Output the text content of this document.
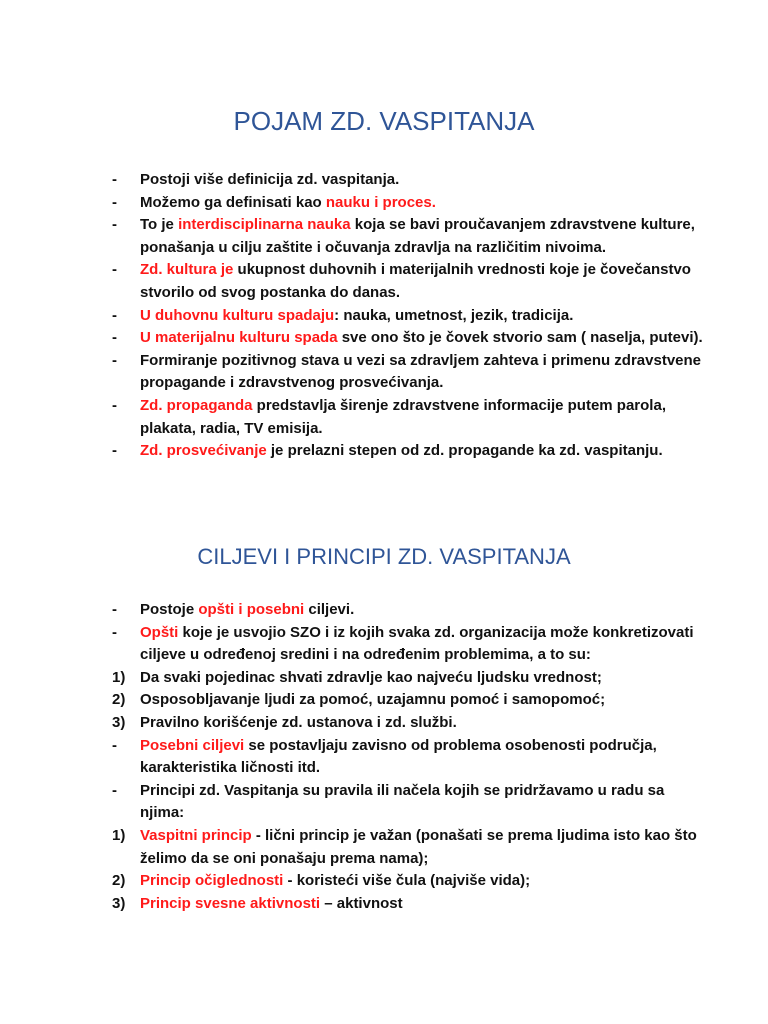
POJAM ZD. VASPITANJA
-	Postoji više definicija zd. vaspitanja.
-	Možemo ga definisati kao nauku i proces.
-	To je interdisciplinarna nauka koja se bavi proučavanjem zdravstvene kulture, ponašanja u cilju zaštite i očuvanja zdravlja na različitim nivoima.
-	Zd. kultura je ukupnost duhovnih i materijalnih vrednosti koje je čovečanstvo stvorilo od svog postanka do danas.
-	U duhovnu kulturu spadaju: nauka, umetnost, jezik, tradicija.
-	U materijalnu kulturu spada sve ono što je čovek stvorio sam ( naselja, putevi).
-	Formiranje pozitivnog stava u vezi sa zdravljem zahteva i primenu zdravstvene propagande i zdravstvenog prosvećivanja.
-	Zd. propaganda predstavlja širenje zdravstvene informacije putem parola, plakata, radia, TV emisija.
-	Zd. prosvećivanje je prelazni stepen od zd. propagande ka zd. vaspitanju.
CILJEVI I PRINCIPI ZD. VASPITANJA
-	Postoje opšti i posebni ciljevi.
-	Opšti koje je usvojio SZO i iz kojih svaka zd. organizacija može konkretizovati ciljeve u određenoj sredini i na određenim problemima, a to su:
1) Da svaki pojedinac shvati zdravlje kao najveću ljudsku vrednost;
2) Osposobljavanje ljudi za pomoć, uzajamnu pomoć i samopomoć;
3) Pravilno korišćenje zd. ustanova i zd. službi.
-	Posebni ciljevi se postavljaju zavisno od problema osobenosti područja, karakteristika ličnosti itd.
-	Principi zd. Vaspitanja su pravila ili načela kojih se pridržavamo u radu sa njima:
1) Vaspitni princip - lični princip je važan (ponašati se prema ljudima isto kao što želimo da se oni ponašaju prema nama);
2) Princip očiglednosti - koristeći više čula (najviše vida);
3) Princip svesne aktivnosti – aktivnost
